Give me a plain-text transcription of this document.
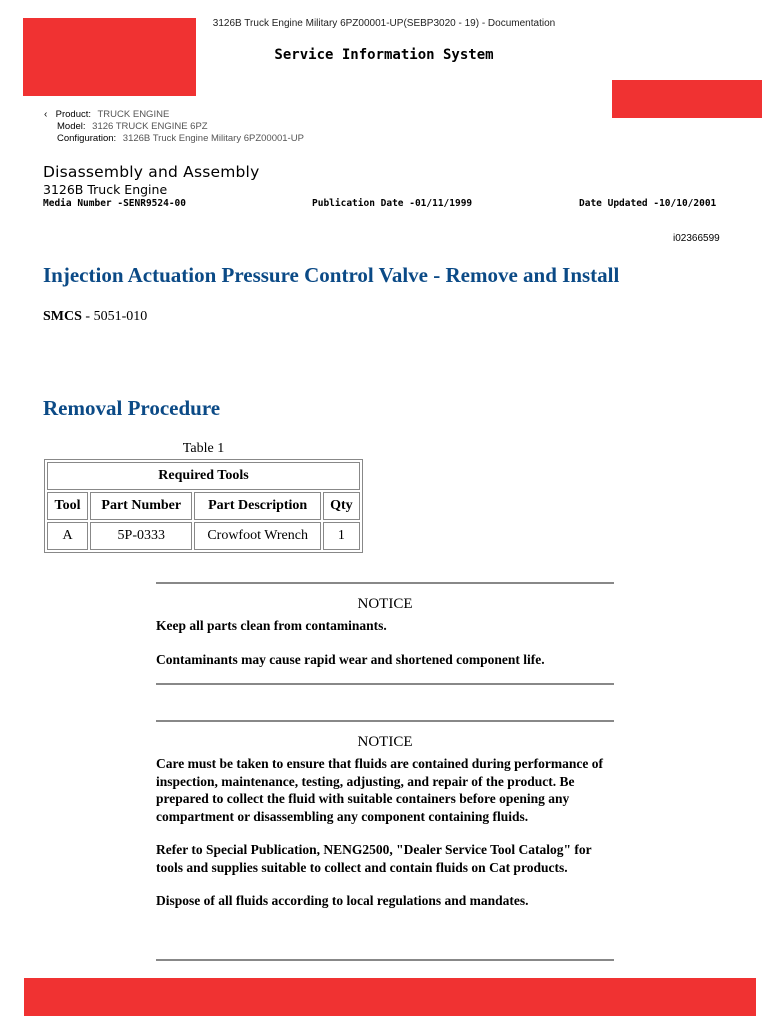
3126B Truck Engine Military 6PZ00001-UP(SEBP3020 - 19) - Documentation
Service Information System
‹ Product: TRUCK ENGINE
Model: 3126 TRUCK ENGINE 6PZ
Configuration: 3126B Truck Engine Military 6PZ00001-UP
Disassembly and Assembly
3126B Truck Engine
Media Number -SENR9524-00	Publication Date -01/11/1999	Date Updated -10/10/2001
i02366599
Injection Actuation Pressure Control Valve - Remove and Install
SMCS - 5051-010
Removal Procedure
Table 1
Required Tools			
Tool	Part Number	Part Description	Qty
A	5P-0333	Crowfoot Wrench	1
NOTICE

Keep all parts clean from contaminants.

Contaminants may cause rapid wear and shortened component life.

NOTICE

Care must be taken to ensure that fluids are contained during performance of inspection, maintenance, testing, adjusting, and repair of the product. Be prepared to collect the fluid with suitable containers before opening any compartment or disassembling any component containing fluids.

Refer to Special Publication, NENG2500, "Dealer Service Tool Catalog" for tools and supplies suitable to collect and contain fluids on Cat products.

Dispose of all fluids according to local regulations and mandates.
